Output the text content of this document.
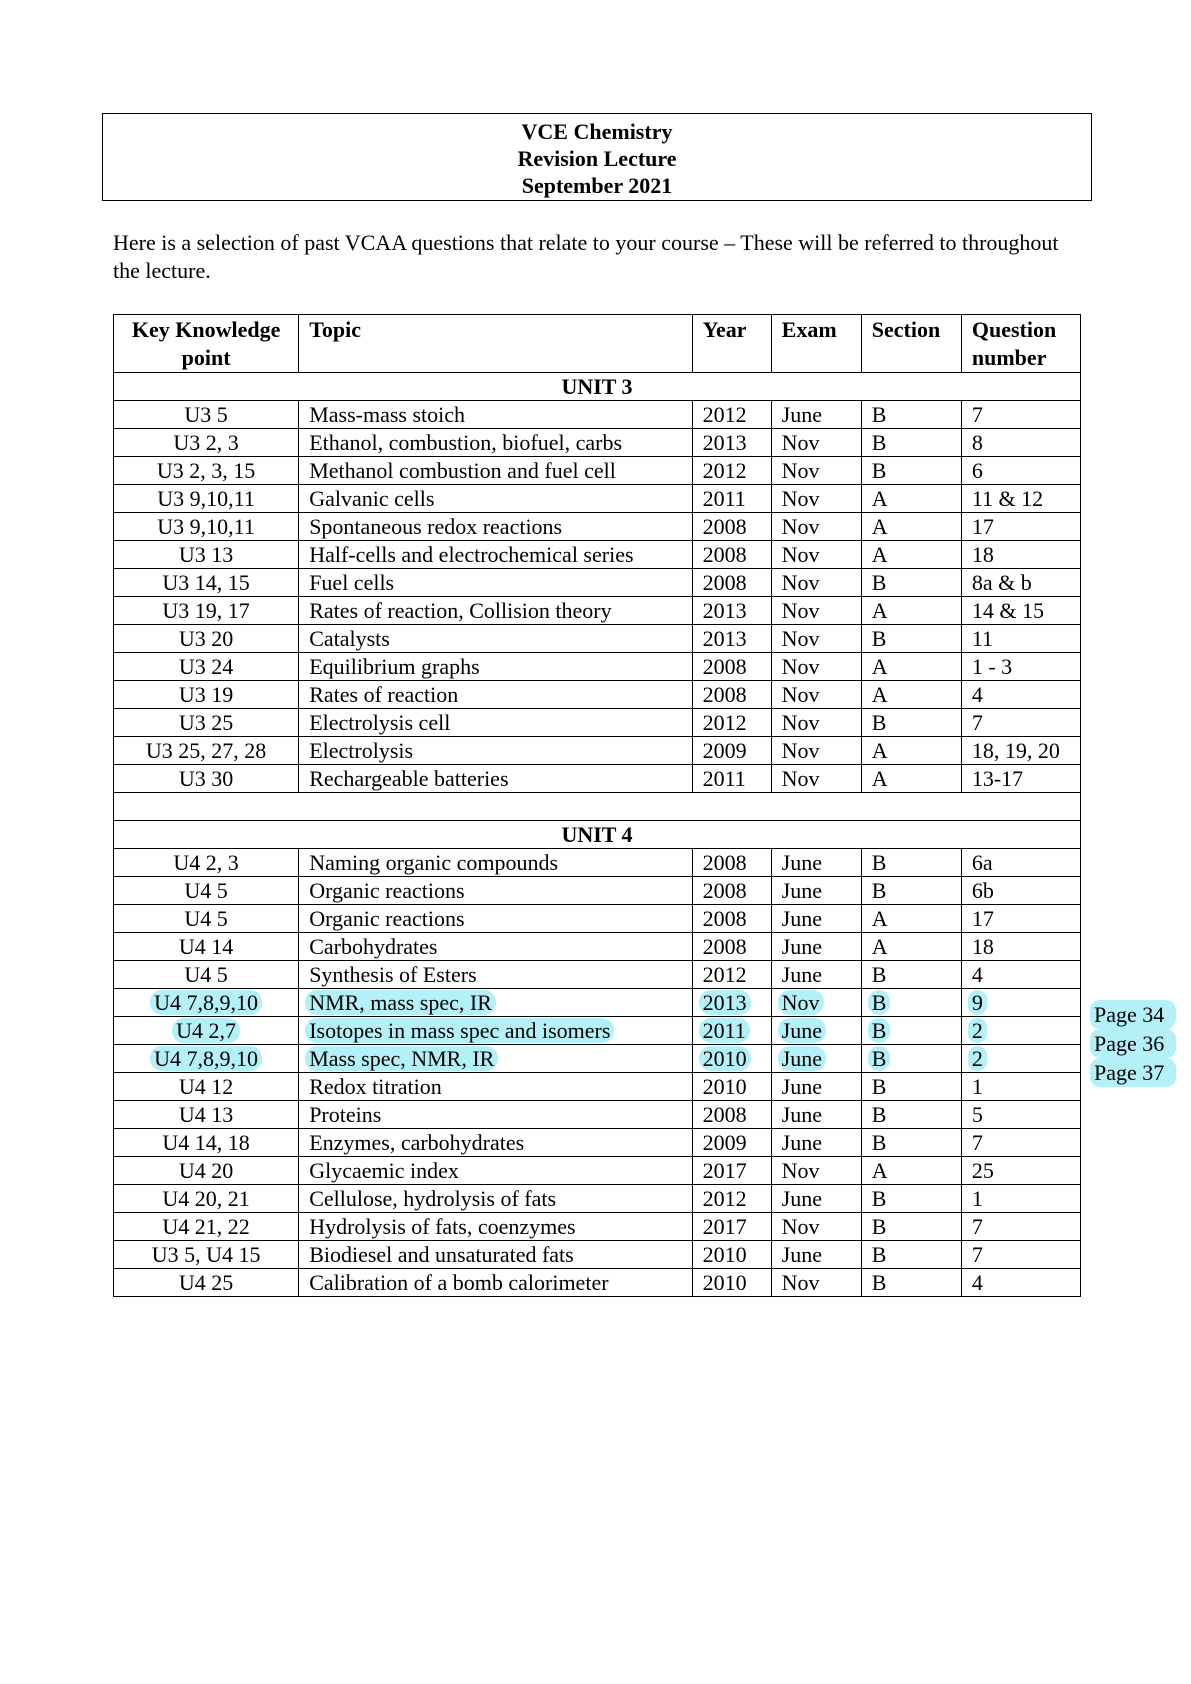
VCE Chemistry
Revision Lecture
September 2021
Here is a selection of past VCAA questions that relate to your course – These will be referred to throughout the lecture.
Key Knowledge point	Topic	Year	Exam	Section	Question number
UNIT 3					
U3 5	Mass-mass stoich	2012	June	B	7
U3 2, 3	Ethanol, combustion, biofuel, carbs	2013	Nov	B	8
U3 2, 3, 15	Methanol combustion and fuel cell	2012	Nov	B	6
U3 9,10,11	Galvanic cells	2011	Nov	A	11 & 12
U3 9,10,11	Spontaneous redox reactions	2008	Nov	A	17
U3 13	Half-cells and electrochemical series	2008	Nov	A	18
U3 14, 15	Fuel cells	2008	Nov	B	8a & b
U3 19, 17	Rates of reaction, Collision theory	2013	Nov	A	14 & 15
U3 20	Catalysts	2013	Nov	B	11
U3 24	Equilibrium graphs	2008	Nov	A	1 - 3
U3 19	Rates of reaction	2008	Nov	A	4
U3 25	Electrolysis cell	2012	Nov	B	7
U3 25, 27, 28	Electrolysis	2009	Nov	A	18, 19, 20
U3 30	Rechargeable batteries	2011	Nov	A	13-17

UNIT 4					
U4 2, 3	Naming organic compounds	2008	June	B	6a
U4 5	Organic reactions	2008	June	B	6b
U4 5	Organic reactions	2008	June	A	17
U4 14	Carbohydrates	2008	June	A	18
U4 5	Synthesis of Esters	2012	June	B	4
U4 7,8,9,10	NMR, mass spec, IR	2013	Nov	B	9
U4 2,7	Isotopes in mass spec and isomers	2011	June	B	2
U4 7,8,9,10	Mass spec, NMR, IR	2010	June	B	2
U4 12	Redox titration	2010	June	B	1
U4 13	Proteins	2008	June	B	5
U4 14, 18	Enzymes, carbohydrates	2009	June	B	7
U4 20	Glycaemic index	2017	Nov	A	25
U4 20, 21	Cellulose, hydrolysis of fats	2012	June	B	1
U4 21, 22	Hydrolysis of fats, coenzymes	2017	Nov	B	7
U3 5, U4 15	Biodiesel and unsaturated fats	2010	June	B	7
U4 25	Calibration of a bomb calorimeter	2010	Nov	B	4
Page 34
Page 36
Page 37
